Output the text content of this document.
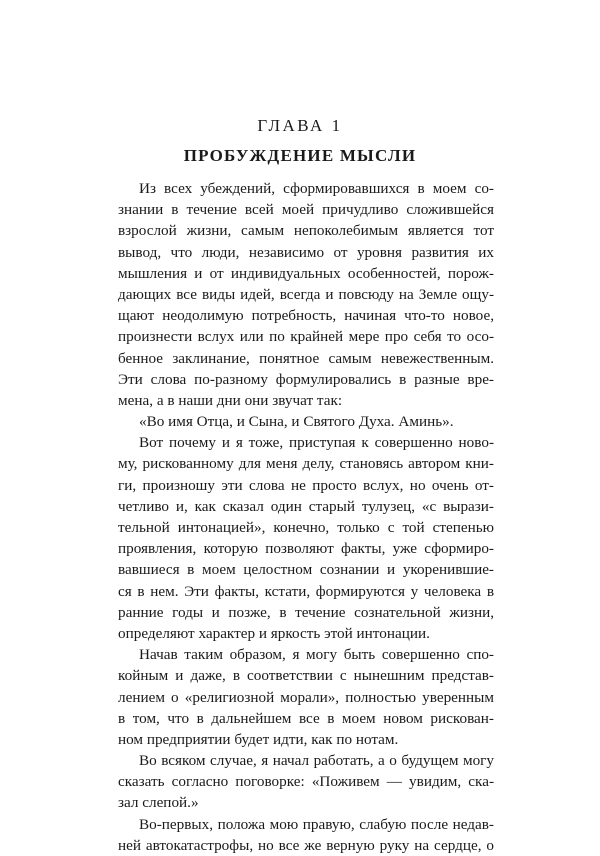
ГЛАВА 1
ПРОБУЖДЕНИЕ МЫСЛИ
Из всех убеждений, сформировавшихся в моем со-
знании в течение всей моей причудливо сложившейся
взрослой жизни, самым непоколебимым является тот
вывод, что люди, независимо от уровня развития их
мышления и от индивидуальных особенностей, порож-
дающих все виды идей, всегда и повсюду на Земле ощу-
щают неодолимую потребность, начиная что-то новое,
произнести вслух или по крайней мере про себя то осо-
бенное заклинание, понятное самым невежественным.
Эти слова по-разному формулировались в разные вре-
мена, а в наши дни они звучат так:
«Во имя Отца, и Сына, и Святого Духа. Аминь».
Вот почему и я тоже, приступая к совершенно ново-
му, рискованному для меня делу, становясь автором кни-
ги, произношу эти слова не просто вслух, но очень от-
четливо и, как сказал один старый тулузец, «с вырази-
тельной интонацией», конечно, только с той степенью
проявления, которую позволяют факты, уже сформиро-
вавшиеся в моем целостном сознании и укоренившие-
ся в нем. Эти факты, кстати, формируются у человека в
ранние годы и позже, в течение сознательной жизни,
определяют характер и яркость этой интонации.
Начав таким образом, я могу быть совершенно спо-
койным и даже, в соответствии с нынешним представ-
лением о «религиозной морали», полностью уверенным
в том, что в дальнейшем все в моем новом рискован-
ном предприятии будет идти, как по нотам.
Во всяком случае, я начал работать, а о будущем могу
сказать согласно поговорке: «Поживем — увидим, ска-
зал слепой.»
Во-первых, положа мою правую, слабую после недав-
ней автокатастрофы, но все же верную руку на сердце, о
